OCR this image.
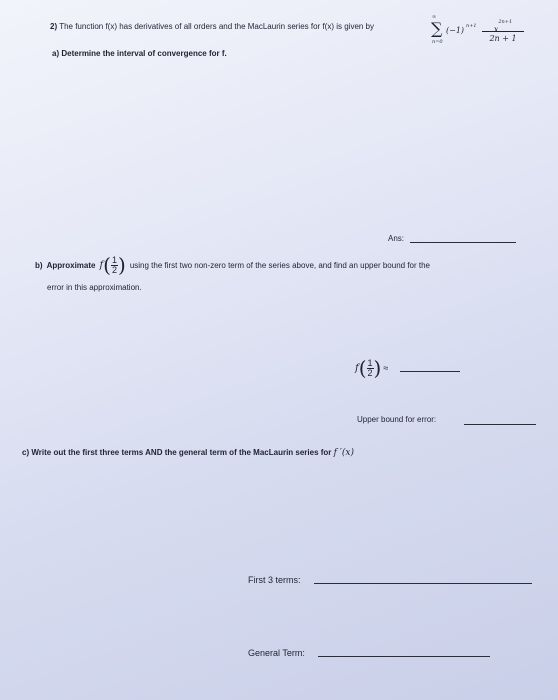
2) The function f(x) has derivatives of all orders and the MacLaurin series for f(x) is given by
∞
∑
n=0
(−1) n+1	$x^{2n+1}$
2n + 1
a) Determine the interval of convergence for f.
Ans:
b) Approximate f ( $\frac{1}{2}$ ) using the first two non-zero term of the series above, and find an upper bound for the
error in this approximation.
f ( $\frac{1}{2}$ ) ≈
Upper bound for error:
c) Write out the first three terms AND the general term of the MacLaurin series for f ′(x)
First 3 terms:
General Term:
